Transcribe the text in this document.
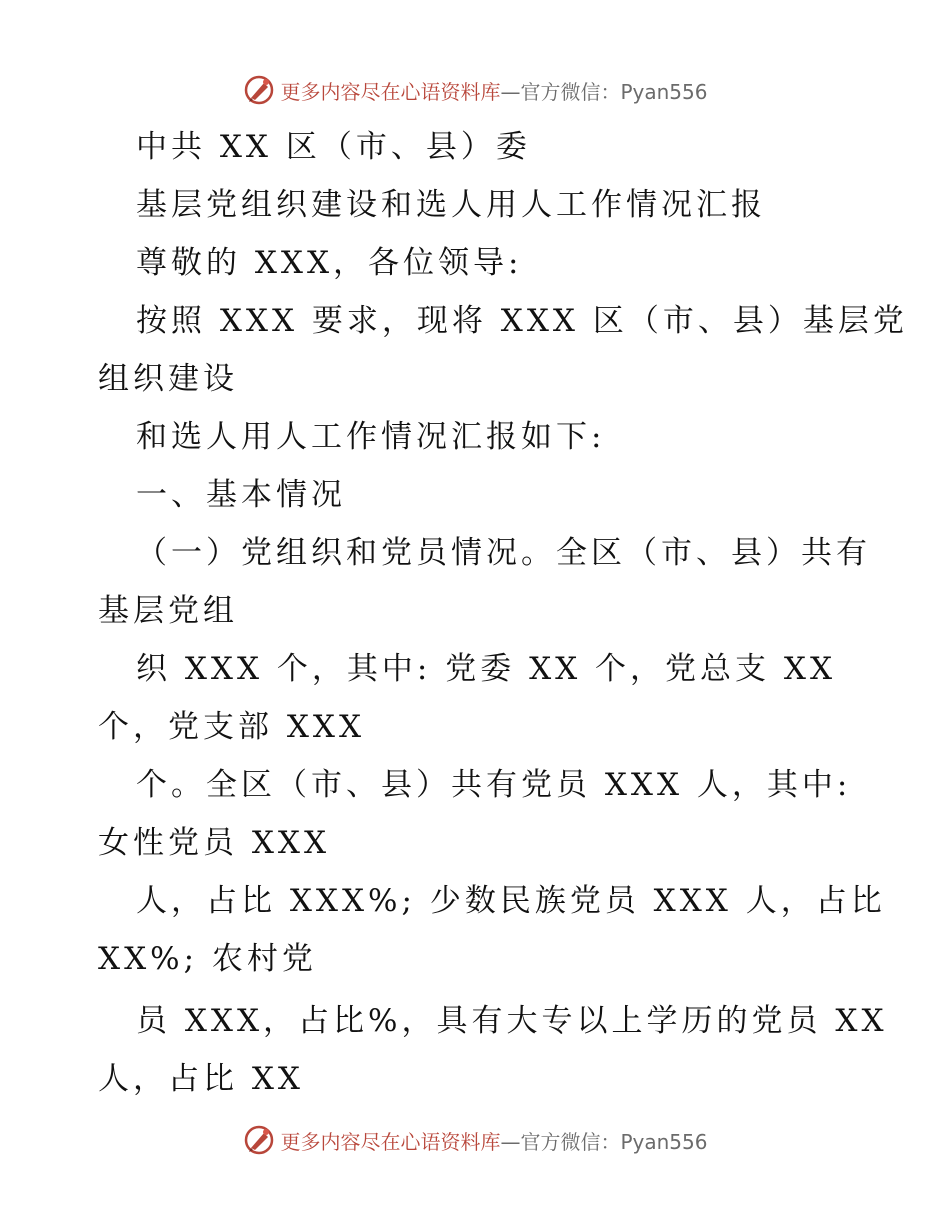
更多内容尽在心语资料库—官方微信：Pyan556
中共 XX 区（市、县）委
基层党组织建设和选人用人工作情况汇报
尊敬的 XXX，各位领导:
按照 XXX 要求，现将 XXX 区（市、县）基层党
组织建设
和选人用人工作情况汇报如下:
一、基本情况
（一）党组织和党员情况。全区（市、县）共有
基层党组
织 XXX 个，其中: 党委 XX 个，党总支 XX
个，党支部 XXX
个。全区（市、县）共有党员 XXX 人，其中:
女性党员 XXX
人，占比 XXX%; 少数民族党员 XXX 人，占比
XX%; 农村党
员 XXX，占比%，具有大专以上学历的党员 XX
人，占比 XX
更多内容尽在心语资料库—官方微信：Pyan556
